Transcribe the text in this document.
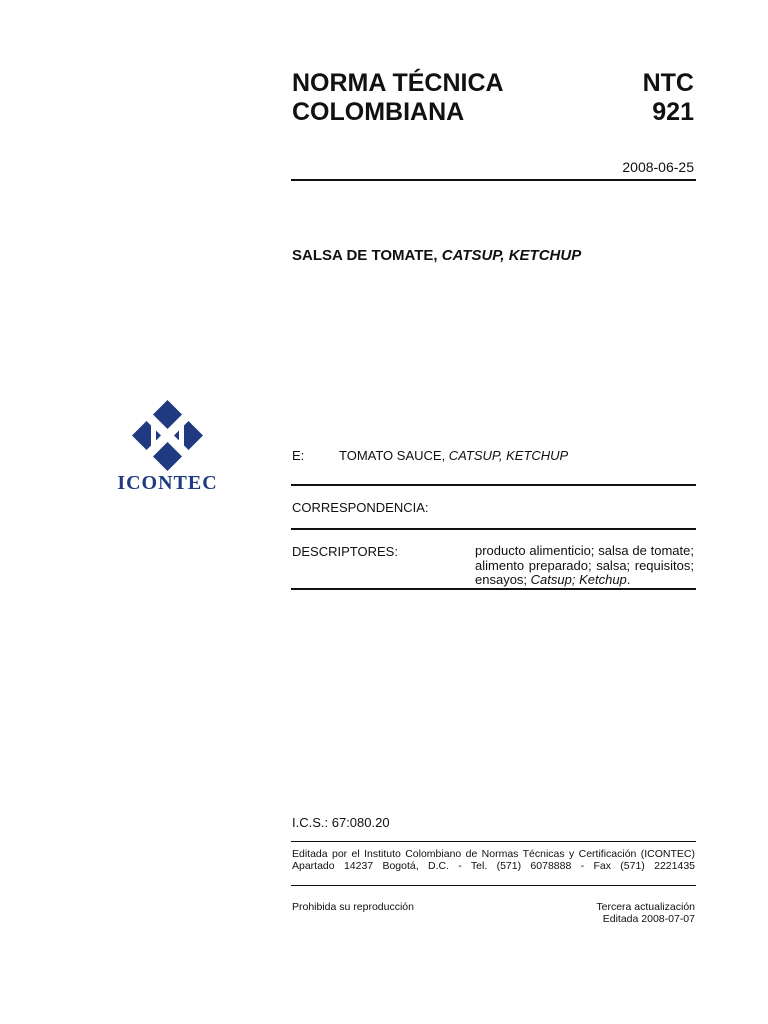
NORMA TÉCNICA
COLOMBIANA
NTC
921
2008-06-25
SALSA DE TOMATE, CATSUP, KETCHUP
ICONTEC
E:	TOMATO SAUCE, CATSUP, KETCHUP
CORRESPONDENCIA:
DESCRIPTORES:	producto alimenticio; salsa de tomate;
alimento preparado; salsa; requisitos;
ensayos; Catsup; Ketchup.
I.C.S.: 67:080.20
Editada por el Instituto Colombiano de Normas Técnicas y Certificación (ICONTEC)
Apartado 14237 Bogotá, D.C. - Tel. (571) 6078888 - Fax (571) 2221435
Prohibida su reproducción	Tercera actualización
Editada 2008-07-07
